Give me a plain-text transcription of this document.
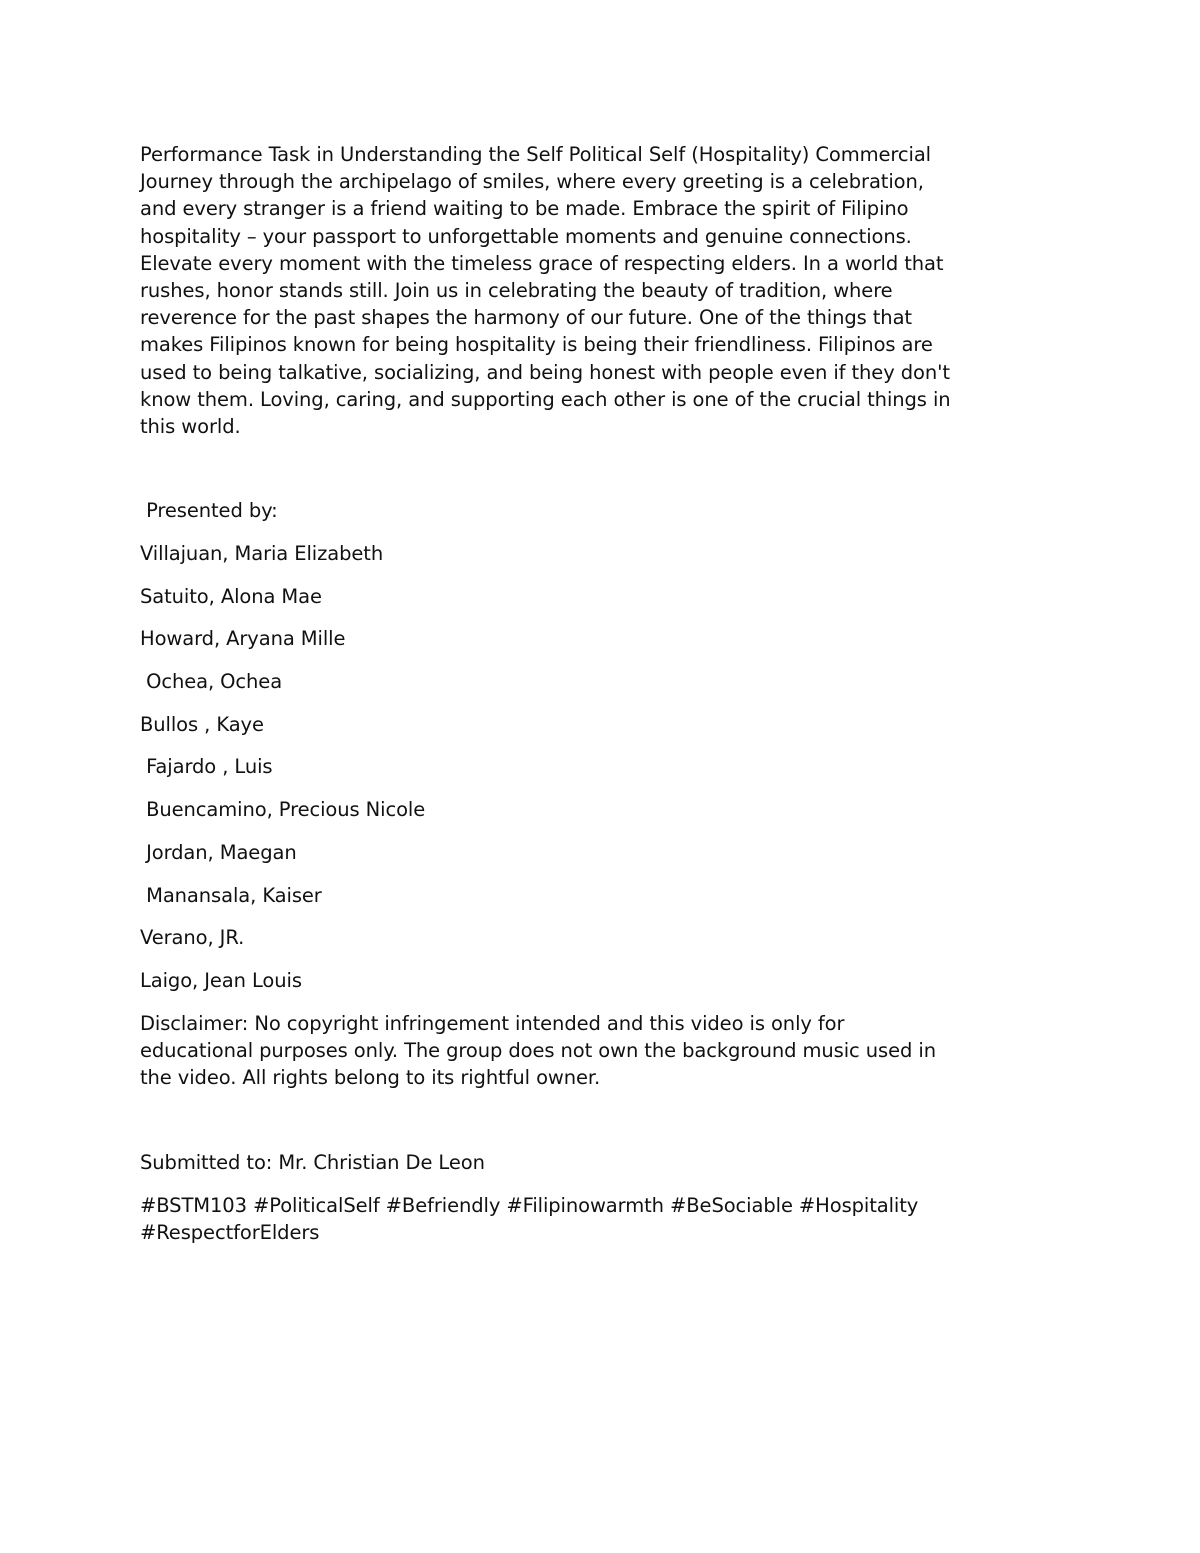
Performance Task in Understanding the Self Political Self (Hospitality) Commercial
Journey through the archipelago of smiles, where every greeting is a celebration,
and every stranger is a friend waiting to be made. Embrace the spirit of Filipino
hospitality – your passport to unforgettable moments and genuine connections.
Elevate every moment with the timeless grace of respecting elders. In a world that
rushes, honor stands still. Join us in celebrating the beauty of tradition, where
reverence for the past shapes the harmony of our future. One of the things that
makes Filipinos known for being hospitality is being their friendliness. Filipinos are
used to being talkative, socializing, and being honest with people even if they don't
know them. Loving, caring, and supporting each other is one of the crucial things in
this world.
Presented by:
Villajuan, Maria Elizabeth
Satuito, Alona Mae
Howard, Aryana Mille
Ochea, Ochea
Bullos , Kaye
Fajardo , Luis
Buencamino, Precious Nicole
Jordan, Maegan
Manansala, Kaiser
Verano, JR.
Laigo, Jean Louis
Disclaimer: No copyright infringement intended and this video is only for
educational purposes only. The group does not own the background music used in
the video. All rights belong to its rightful owner.
Submitted to: Mr. Christian De Leon
#BSTM103 #PoliticalSelf #Befriendly #Filipinowarmth #BeSociable #Hospitality
#RespectforElders
